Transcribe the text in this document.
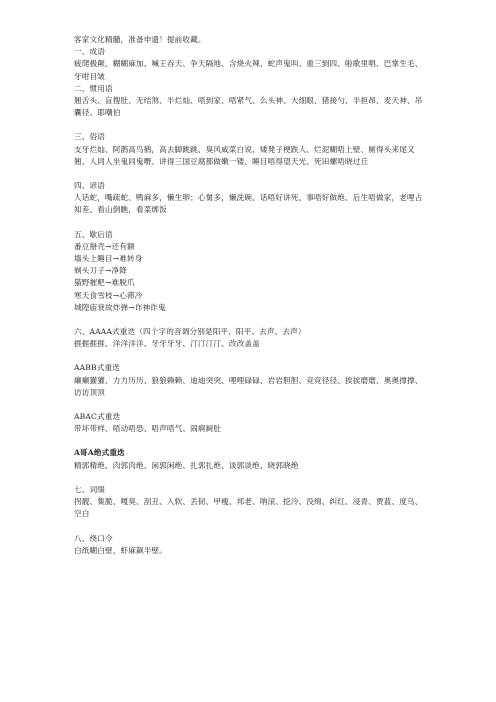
客家文化精髓，准备申遗！提前收藏。
一、成语
疲爬极颠、糊糊麻加、喊王吞天、争天隔地、含烧火辣、蛇声鬼叫、重三到四、啦歌里唱、巴掌生毛、牙咁目皱
二、惯用语
翘舌头、盲搜肚、无结煞、半烂灿、唔到家、唔紧气、么头神、大细眼、猪接勺、半担昂、麦天神、吊囊径、耶嘲伯
三、俗语
支牙烂灿、阿鹊高鸟鹤，高去脚跳跳、臭风咸菜白说、矮凳子梗跌人、烂泥糊唔上壁、厕得头来尾又翘、人同人坐鬼同鬼嘢、讲得三国豆腐都做嫩一镂、睡目唔得望天光、死田螺唔晓过丘
四、谚语
人话蛇，嘴疏蛇、鸭麻多，懒生卵；心舅多，懒洗碗、话唔好讲死，事唔好做绝、后生唔做家，老哩占知差、看山倒瞧，看菜绑饭
五、歇后语
番豆掰壳→还有额
墙头上睡目→难转身
剃头刀子→净降
猫野摧粑→难脱爪
寒天食雪枝→心滞冷
城隍庙衰故炸弹→诈神诈鬼
六、AAAA式重迭（四个字的音调分别是阳平、阳平、去声、去声）
捱捱捱捱、洋洋洋洋、牙牙牙牙、汀汀汀汀、改改盖盖
AABB式重迭
癞癞獾獾、力力历历、狼狼赖赖、迪迪突突、哩哩碌碌、岩岩胆胆、竞竞径径、挨挨磨磨、奥奥撑撑、访访顶顶
ABAC式重迭
带坏带样、唔动唔恐、唔声唔气、闹痾屙肚
A哥A绝式重迭
精郭精绝、肉郭肉绝、闲郭闲绝、扎郭扎绝、谈郭谈绝、晓郭晓绝
七、词缀
拐靓、集脆、嘎臭、刮丑、入软、丢韧、甲瘦、邦老、呐滚、挖冷、没绵、纠红、浸青、贾蓝、度乌、空白
八、绕口令
白纸糊白壁，虾麻飙半壁。
